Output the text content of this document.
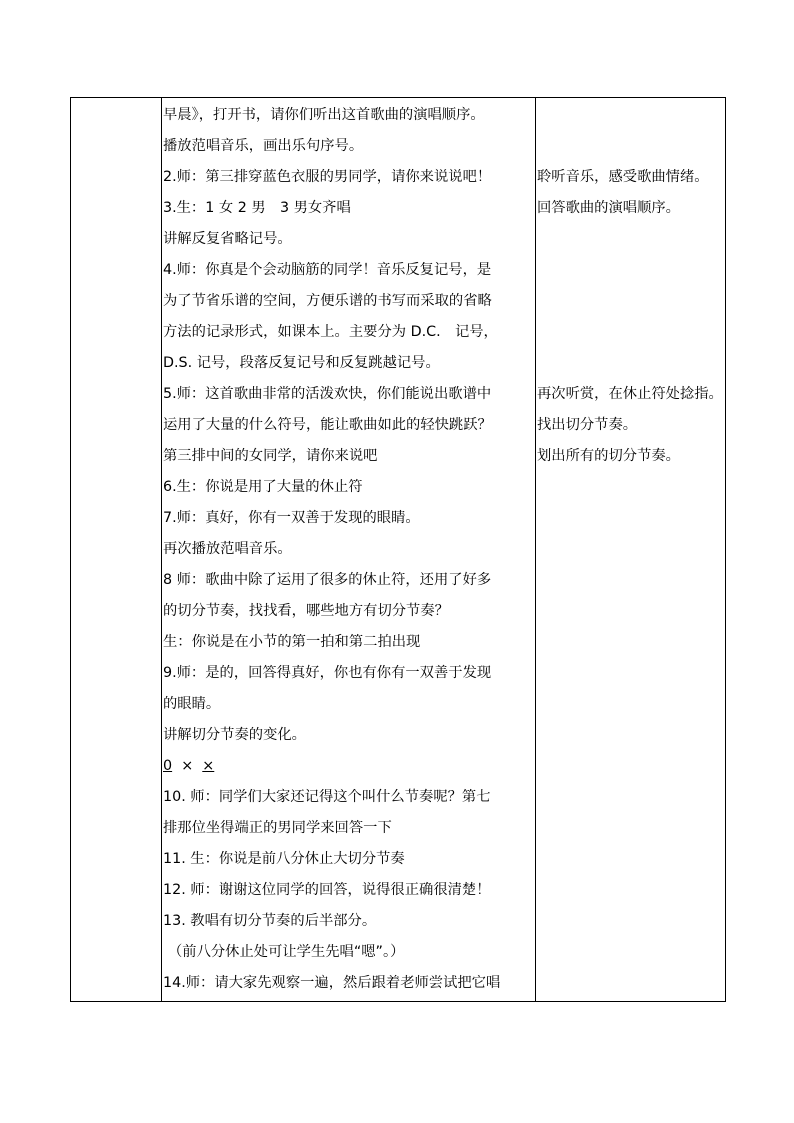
早晨》，打开书，请你们听出这首歌曲的演唱顺序。
播放范唱音乐，画出乐句序号。
2.师：第三排穿蓝色衣服的男同学，请你来说说吧！
3.生：1 女 2 男　3 男女齐唱
讲解反复省略记号。
4.师：你真是个会动脑筋的同学！音乐反复记号，是
为了节省乐谱的空间，方便乐谱的书写而采取的省略
方法的记录形式，如课本上。主要分为 D.C.　记号，
D.S. 记号，段落反复记号和反复跳越记号。
5.师：这首歌曲非常的活泼欢快，你们能说出歌谱中
运用了大量的什么符号，能让歌曲如此的轻快跳跃？
第三排中间的女同学，请你来说吧
6.生：你说是用了大量的休止符
7.师：真好，你有一双善于发现的眼睛。
再次播放范唱音乐。
8 师：歌曲中除了运用了很多的休止符，还用了好多
的切分节奏，找找看，哪些地方有切分节奏？
生：你说是在小节的第一拍和第二拍出现
9.师：是的，回答得真好，你也有你有一双善于发现
的眼睛。
讲解切分节奏的变化。
0 × ×
10. 师：同学们大家还记得这个叫什么节奏呢？第七
排那位坐得端正的男同学来回答一下
11. 生：你说是前八分休止大切分节奏
12. 师：谢谢这位同学的回答，说得很正确很清楚！
13. 教唱有切分节奏的后半部分。
（前八分休止处可让学生先唱“嗯”。）
14.师：请大家先观察一遍，然后跟着老师尝试把它唱

聆听音乐，感受歌曲情绪。
回答歌曲的演唱顺序。
再次听赏，在休止符处捻指。
找出切分节奏。
划出所有的切分节奏。
